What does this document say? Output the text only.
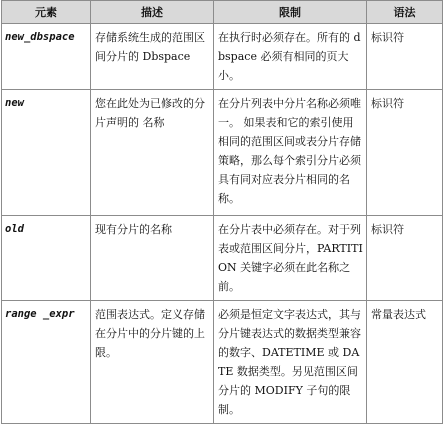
元素	描述	限制	语法
new_dbspace	存储系统生成的范围区间分片的 Dbspace	在执行时必须存在。所有的 dbspace 必须有相同的页大小。	标识符
new	您在此处为已修改的分片声明的 名称	在分片列表中分片名称必须唯一。 如果表和它的索引使用相同的范围区间或表分片存储策略，那么每个索引分片必须具有同对应表分片相同的名称。	标识符
old	现有分片的名称	在分片表中必须存在。对于列表或范围区间分片，PARTITION 关键字必须在此名称之前。	标识符
range _expr	范围表达式。定义存储在分片中的分片键的上限。	必须是恒定文字表达式，其与分片键表达式的数据类型兼容的数字、DATETIME 或 DATE 数据类型。另见范围区间分片的 MODIFY 子句的限制。	常量表达式
